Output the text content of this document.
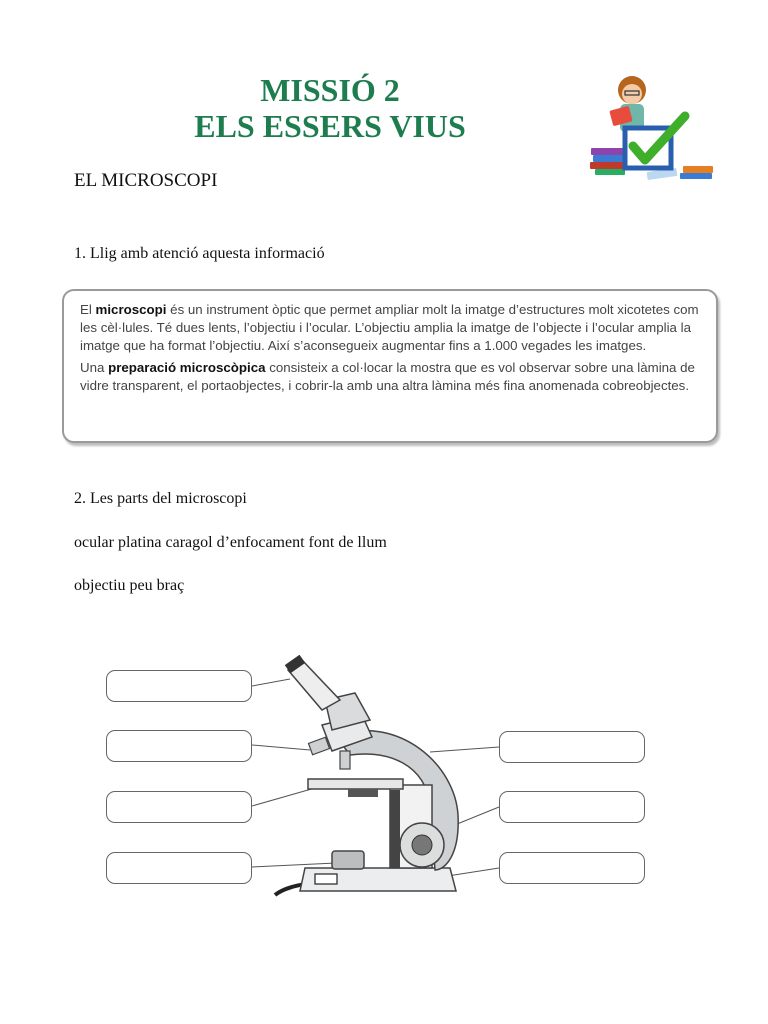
MISSIÓ 2
ELS ESSERS VIUS
EL MICROSCOPI
1. Llig amb atenció aquesta informació

El microscopi és un instrument òptic que permet ampliar molt la imatge d’estructures molt xicotetes com les cèl·lules. Té dues lents, l’objectiu i l’ocular. L’objectiu amplia la imatge de l’objecte i l’ocular amplia la imatge que ha format l’objectiu. Així s’aconsegueix augmentar fins a 1.000 vegades les imatges.

Una preparació microscòpica consisteix a col·locar la mostra que es vol observar sobre una làmina de vidre transparent, el portaobjectes, i cobrir-la amb una altra làmina més fina anomenada cobreobjectes.

2. Les parts del microscopi
ocular platina caragol d’enfocament font de llum
objectiu peu braç
